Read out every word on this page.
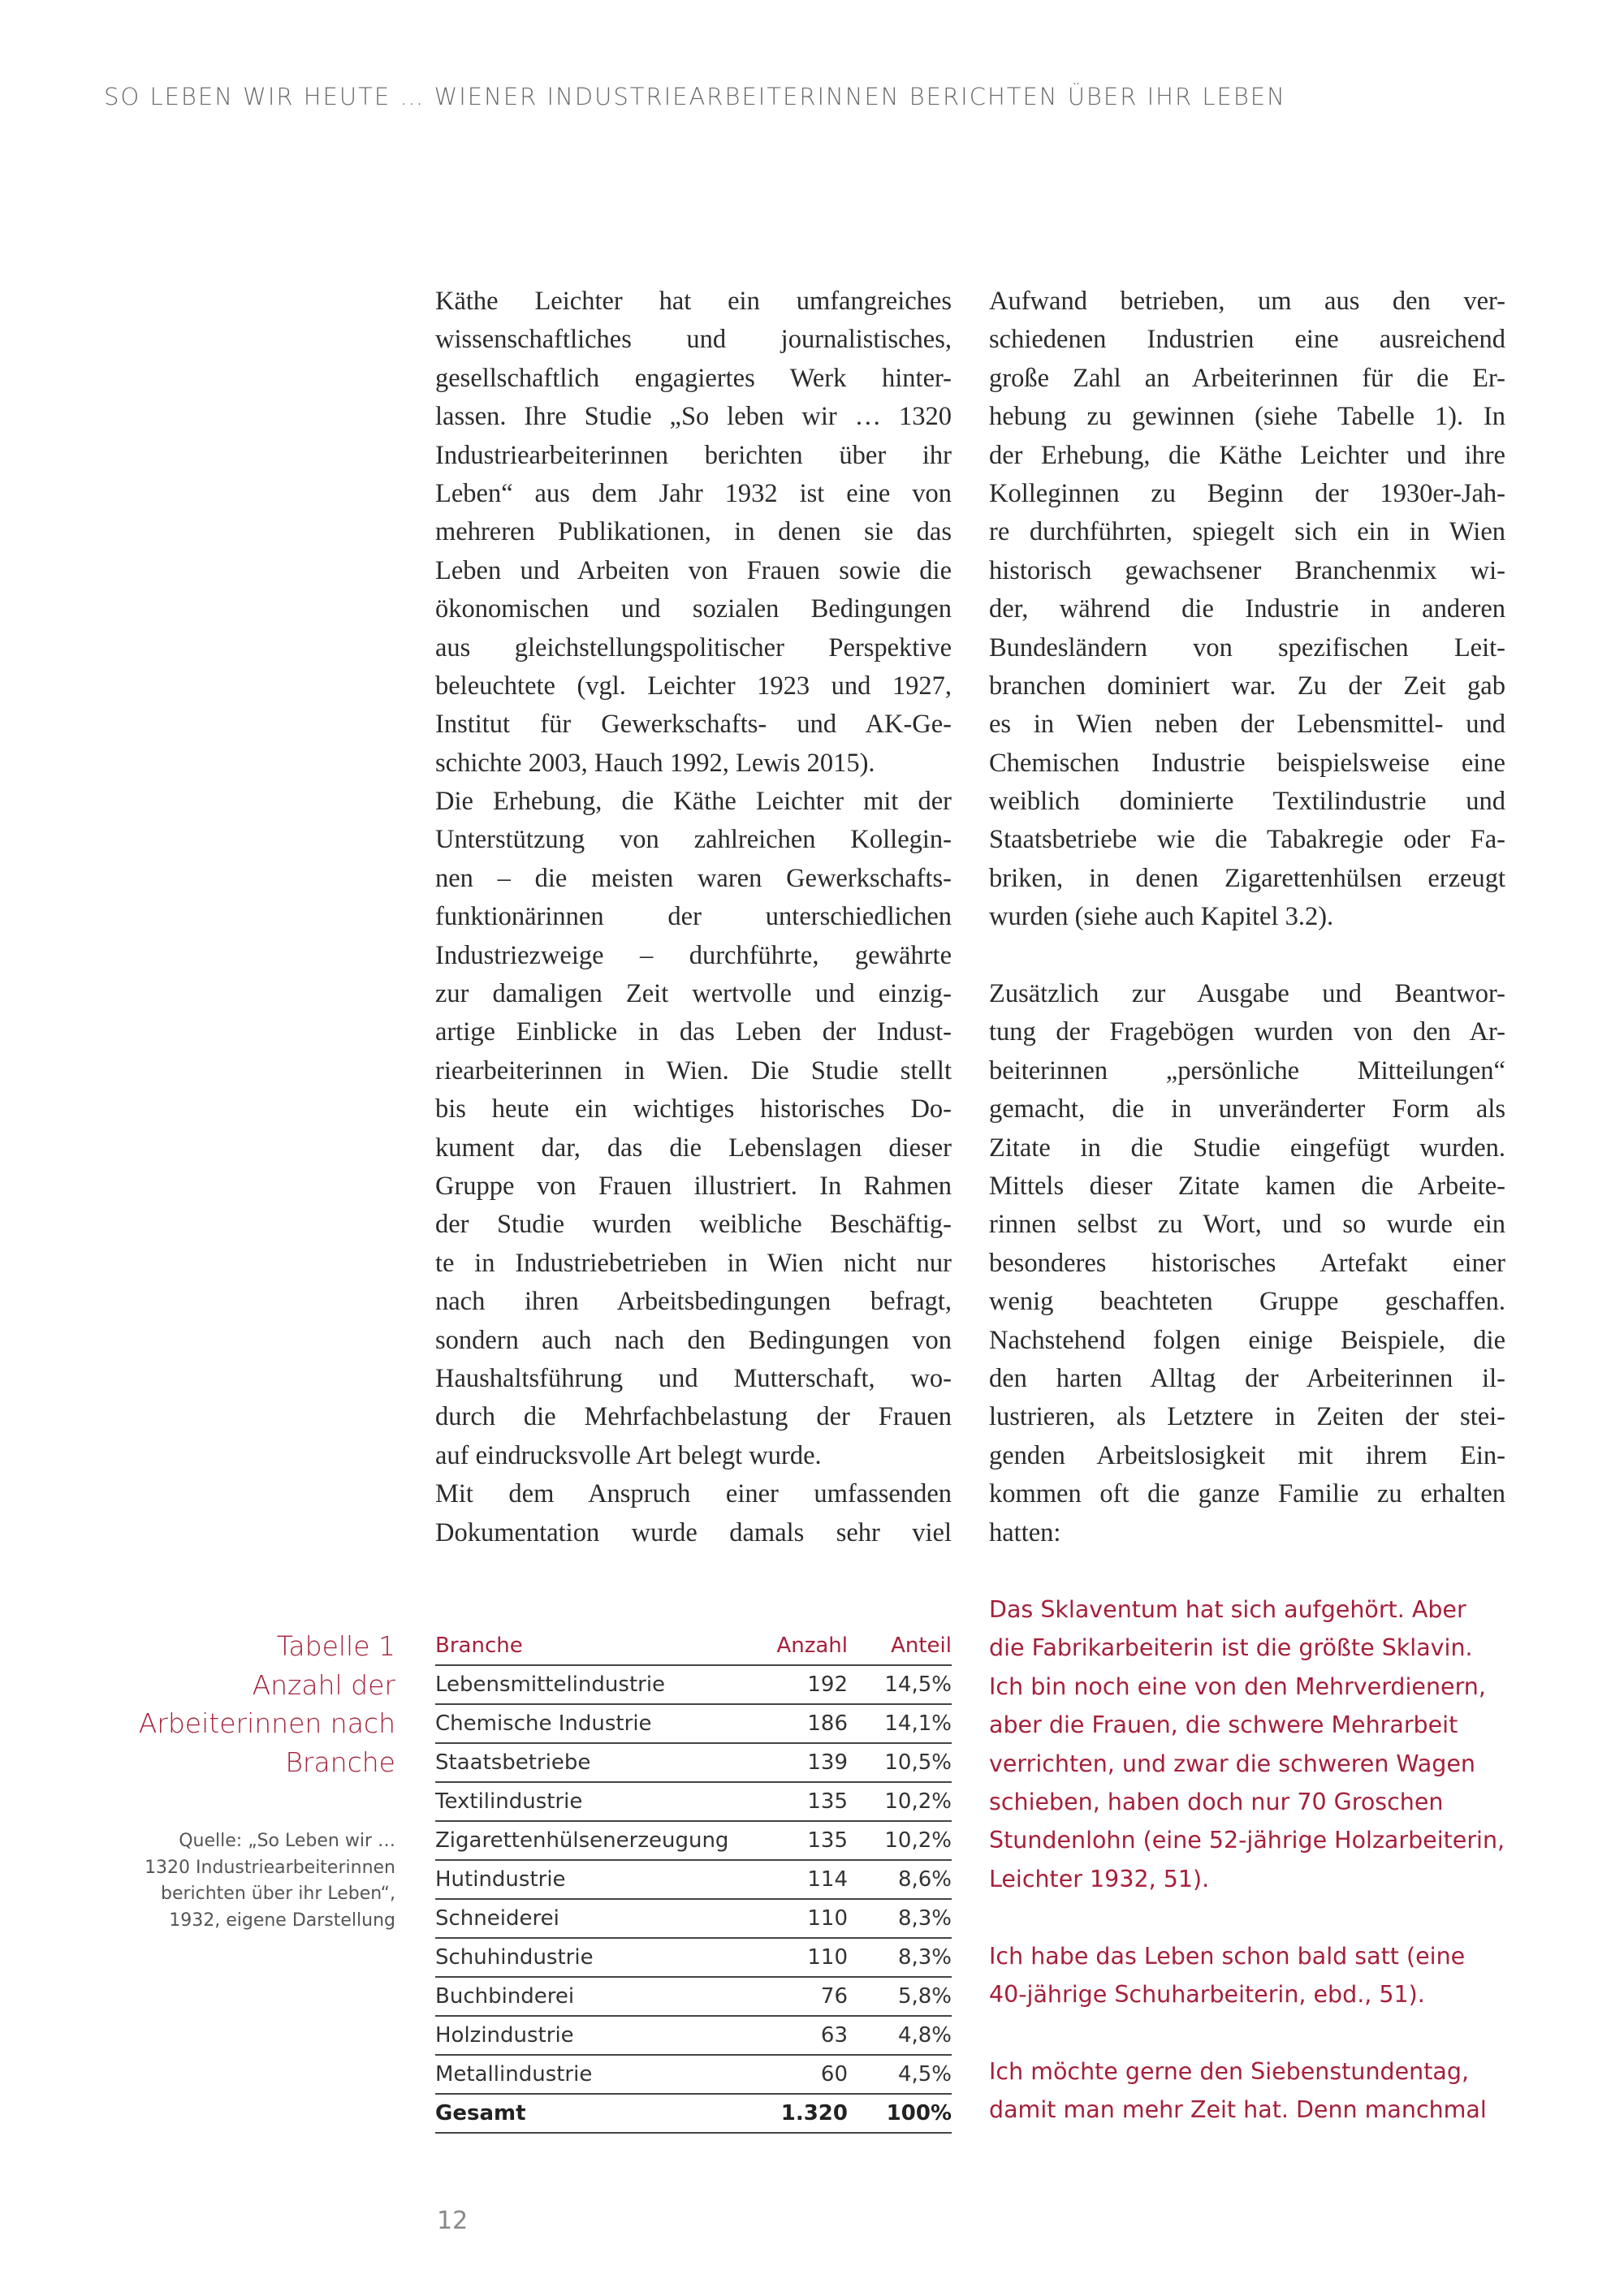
SO LEBEN WIR HEUTE … WIENER INDUSTRIEARBEITERINNEN BERICHTEN ÜBER IHR LEBEN
Käthe Leichter hat ein umfangreiches
wissenschaftliches und journalistisches,
gesellschaftlich engagiertes Werk hinter-
lassen. Ihre Studie „So leben wir … 1320
Industriearbeiterinnen berichten über ihr
Leben“ aus dem Jahr 1932 ist eine von
mehreren Publikationen, in denen sie das
Leben und Arbeiten von Frauen sowie die
ökonomischen und sozialen Bedingungen
aus gleichstellungspolitischer Perspektive
beleuchtete (vgl. Leichter 1923 und 1927,
Institut für Gewerkschafts- und AK-Ge-
schichte 2003, Hauch 1992, Lewis 2015).
Die Erhebung, die Käthe Leichter mit der
Unterstützung von zahlreichen Kollegin-
nen – die meisten waren Gewerkschafts-
funktionärinnen der unterschiedlichen
Industriezweige – durchführte, gewährte
zur damaligen Zeit wertvolle und einzig-
artige Einblicke in das Leben der Indust-
riearbeiterinnen in Wien. Die Studie stellt
bis heute ein wichtiges historisches Do-
kument dar, das die Lebenslagen dieser
Gruppe von Frauen illustriert. In Rahmen
der Studie wurden weibliche Beschäftig-
te in Industriebetrieben in Wien nicht nur
nach ihren Arbeitsbedingungen befragt,
sondern auch nach den Bedingungen von
Haushaltsführung und Mutterschaft, wo-
durch die Mehrfachbelastung der Frauen
auf eindrucksvolle Art belegt wurde.
Mit dem Anspruch einer umfassenden
Dokumentation wurde damals sehr viel
Aufwand betrieben, um aus den ver-
schiedenen Industrien eine ausreichend
große Zahl an Arbeiterinnen für die Er-
hebung zu gewinnen (siehe Tabelle 1). In
der Erhebung, die Käthe Leichter und ihre
Kolleginnen zu Beginn der 1930er-Jah-
re durchführten, spiegelt sich ein in Wien
historisch gewachsener Branchenmix wi-
der, während die Industrie in anderen
Bundesländern von spezifischen Leit-
branchen dominiert war. Zu der Zeit gab
es in Wien neben der Lebensmittel- und
Chemischen Industrie beispielsweise eine
weiblich dominierte Textilindustrie und
Staatsbetriebe wie die Tabakregie oder Fa-
briken, in denen Zigarettenhülsen erzeugt
wurden (siehe auch Kapitel 3.2).
Zusätzlich zur Ausgabe und Beantwor-
tung der Fragebögen wurden von den Ar-
beiterinnen „persönliche Mitteilungen“
gemacht, die in unveränderter Form als
Zitate in die Studie eingefügt wurden.
Mittels dieser Zitate kamen die Arbeite-
rinnen selbst zu Wort, und so wurde ein
besonderes historisches Artefakt einer
wenig beachteten Gruppe geschaffen.
Nachstehend folgen einige Beispiele, die
den harten Alltag der Arbeiterinnen il-
lustrieren, als Letztere in Zeiten der stei-
genden Arbeitslosigkeit mit ihrem Ein-
kommen oft die ganze Familie zu erhalten
hatten:
Tabelle 1
Anzahl der
Arbeiterinnen nach
Branche
Quelle: „So Leben wir …
1320 Industriearbeiterinnen
berichten über ihr Leben“,
1932, eigene Darstellung
Branche	Anzahl	Anteil
Lebensmittelindustrie	192	14,5%
Chemische Industrie	186	14,1%
Staatsbetriebe	139	10,5%
Textilindustrie	135	10,2%
Zigarettenhülsenerzeugung	135	10,2%
Hutindustrie	114	8,6%
Schneiderei	110	8,3%
Schuhindustrie	110	8,3%
Buchbinderei	76	5,8%
Holzindustrie	63	4,8%
Metallindustrie	60	4,5%
Gesamt	1.320	100%
Das Sklaventum hat sich aufgehört. Aber
die Fabrikarbeiterin ist die größte Sklavin.
Ich bin noch eine von den Mehrverdienern,
aber die Frauen, die schwere Mehrarbeit
verrichten, und zwar die schweren Wagen
schieben, haben doch nur 70 Groschen
Stundenlohn (eine 52-jährige Holzarbeiterin,
Leichter 1932, 51).
Ich habe das Leben schon bald satt (eine
40-jährige Schuharbeiterin, ebd., 51).
Ich möchte gerne den Siebenstundentag,
damit man mehr Zeit hat. Denn manchmal
12
